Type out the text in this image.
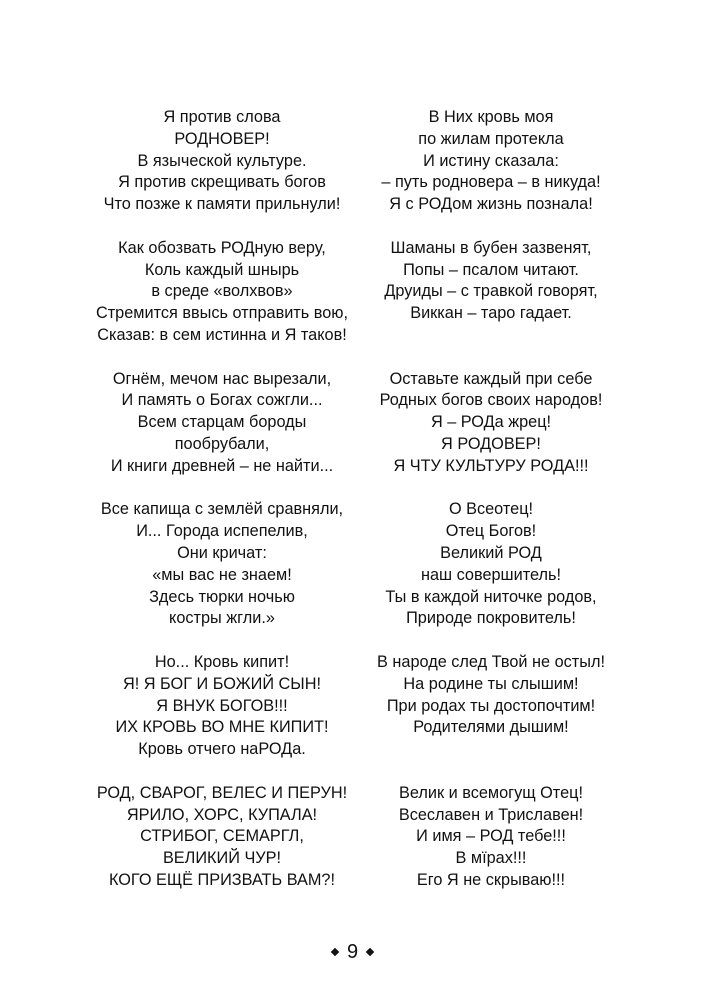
Я против слова
РОДНОВЕР!
В языческой культуре.
Я против скрещивать богов
Что позже к памяти прильнули!
Как обозвать РОДную веру,
Коль каждый шнырь
в среде «волхвов»
Стремится ввысь отправить вою,
Сказав: в сем истинна и Я таков!
Огнём, мечом нас вырезали,
И память о Богах сожгли...
Всем старцам бороды
пообрубали,
И книги древней – не найти...
Все капища с землёй сравняли,
И... Города испепелив,
Они кричат:
«мы вас не знаем!
Здесь тюрки ночью
костры жгли.»
Но... Кровь кипит!
Я! Я БОГ И БОЖИЙ СЫН!
Я ВНУК БОГОВ!!!
ИХ КРОВЬ ВО МНЕ КИПИТ!
Кровь отчего наРОДа.
РОД, СВАРОГ, ВЕЛЕС И ПЕРУН!
ЯРИЛО, ХОРС, КУПАЛА!
СТРИБОГ, СЕМАРГЛ,
ВЕЛИКИЙ ЧУР!
КОГО ЕЩЁ ПРИЗВАТЬ ВАМ?!
В Них кровь моя
по жилам протекла
И истину сказала:
– путь родновера – в никуда!
Я с РОДом жизнь познала!
Шаманы в бубен зазвенят,
Попы – псалом читают.
Друиды – с травкой говорят,
Виккан – таро гадает.
Оставьте каждый при себе
Родных богов своих народов!
Я – РОДа жрец!
Я РОДОВЕР!
Я ЧТУ КУЛЬТУРУ РОДА!!!
О Всеотец!
Отец Богов!
Великий РОД
наш совершитель!
Ты в каждой ниточке родов,
Природе покровитель!
В народе след Твой не остыл!
На родине ты слышим!
При родах ты достопочтим!
Родителями дышим!
Велик и всемогущ Отец!
Всеславен и Триславен!
И имя – РОД тебе!!!
В мїрах!!!
Его Я не скрываю!!!
9
